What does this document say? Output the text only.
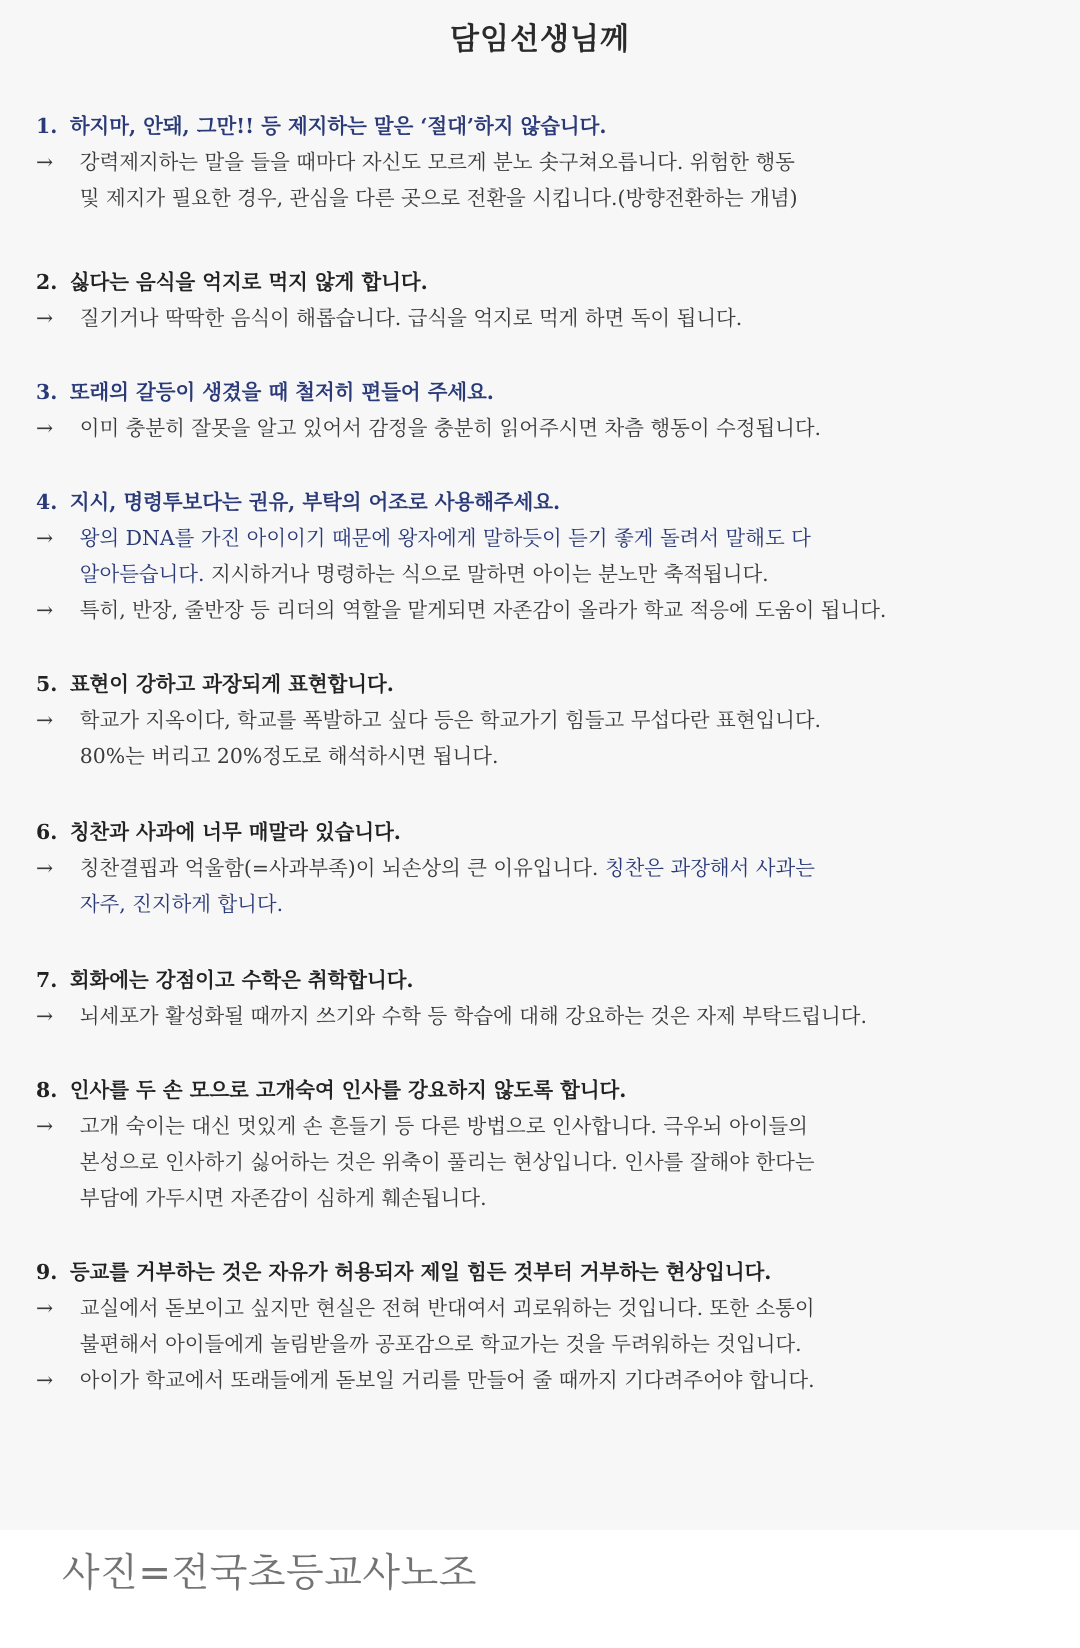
담임선생님께
1. 하지마, 안돼, 그만!! 등 제지하는 말은 ‘절대’하지 않습니다.
→	강력제지하는 말을 들을 때마다 자신도 모르게 분노 솟구쳐오릅니다. 위험한 행동
및 제지가 필요한 경우, 관심을 다른 곳으로 전환을 시킵니다.(방향전환하는 개념)
2. 싫다는 음식을 억지로 먹지 않게 합니다.
→	질기거나 딱딱한 음식이 해롭습니다. 급식을 억지로 먹게 하면 독이 됩니다.
3. 또래의 갈등이 생겼을 때 철저히 편들어 주세요.
→	이미 충분히 잘못을 알고 있어서 감정을 충분히 읽어주시면 차츰 행동이 수정됩니다.
4. 지시, 명령투보다는 권유, 부탁의 어조로 사용해주세요.
→	왕의 DNA를 가진 아이이기 때문에 왕자에게 말하듯이 듣기 좋게 돌려서 말해도 다
알아듣습니다. 지시하거나 명령하는 식으로 말하면 아이는 분노만 축적됩니다.
→	특히, 반장, 줄반장 등 리더의 역할을 맡게되면 자존감이 올라가 학교 적응에 도움이 됩니다.
5. 표현이 강하고 과장되게 표현합니다.
→	학교가 지옥이다, 학교를 폭발하고 싶다 등은 학교가기 힘들고 무섭다란 표현입니다.
80%는 버리고 20%정도로 해석하시면 됩니다.
6. 칭찬과 사과에 너무 매말라 있습니다.
→	칭찬결핍과 억울함(=사과부족)이 뇌손상의 큰 이유입니다. 칭찬은 과장해서 사과는
자주, 진지하게 합니다.
7. 회화에는 강점이고 수학은 취학합니다.
→	뇌세포가 활성화될 때까지 쓰기와 수학 등 학습에 대해 강요하는 것은 자제 부탁드립니다.
8. 인사를 두 손 모으로 고개숙여 인사를 강요하지 않도록 합니다.
→	고개 숙이는 대신 멋있게 손 흔들기 등 다른 방법으로 인사합니다. 극우뇌 아이들의
본성으로 인사하기 싫어하는 것은 위축이 풀리는 현상입니다. 인사를 잘해야 한다는
부담에 가두시면 자존감이 심하게 훼손됩니다.
9. 등교를 거부하는 것은 자유가 허용되자 제일 힘든 것부터 거부하는 현상입니다.
→	교실에서 돋보이고 싶지만 현실은 전혀 반대여서 괴로워하는 것입니다. 또한 소통이
불편해서 아이들에게 놀림받을까 공포감으로 학교가는 것을 두려워하는 것입니다.
→	아이가 학교에서 또래들에게 돋보일 거리를 만들어 줄 때까지 기다려주어야 합니다.
사진=전국초등교사노조
